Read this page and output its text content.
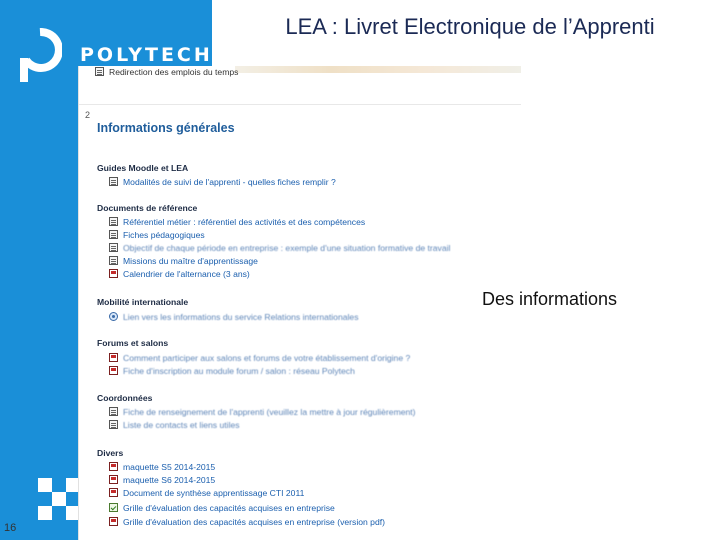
POLYTECH®
16
LEA : Livret Electronique de l’Apprenti
Redirection des emplois du temps
2
Informations générales
Guides Moodle et LEA
Modalités de suivi de l'apprenti - quelles fiches remplir ?
Documents de référence
Référentiel métier : référentiel des activités et des compétences
Fiches pédagogiques
Objectif de chaque période en entreprise : exemple d'une situation formative de travail
Missions du maître d'apprentissage
Calendrier de l'alternance (3 ans)
Mobilité internationale
Lien vers les informations du service Relations internationales
Forums et salons
Comment participer aux salons et forums de votre établissement d'origine ?
Fiche d'inscription au module forum / salon : réseau Polytech
Coordonnées
Fiche de renseignement de l'apprenti (veuillez la mettre à jour régulièrement)
Liste de contacts et liens utiles
Divers
maquette S5 2014-2015
maquette S6 2014-2015
Document de synthèse apprentissage CTI 2011
Grille d'évaluation des capacités acquises en entreprise
Grille d'évaluation des capacités acquises en entreprise (version pdf)
Des informations
